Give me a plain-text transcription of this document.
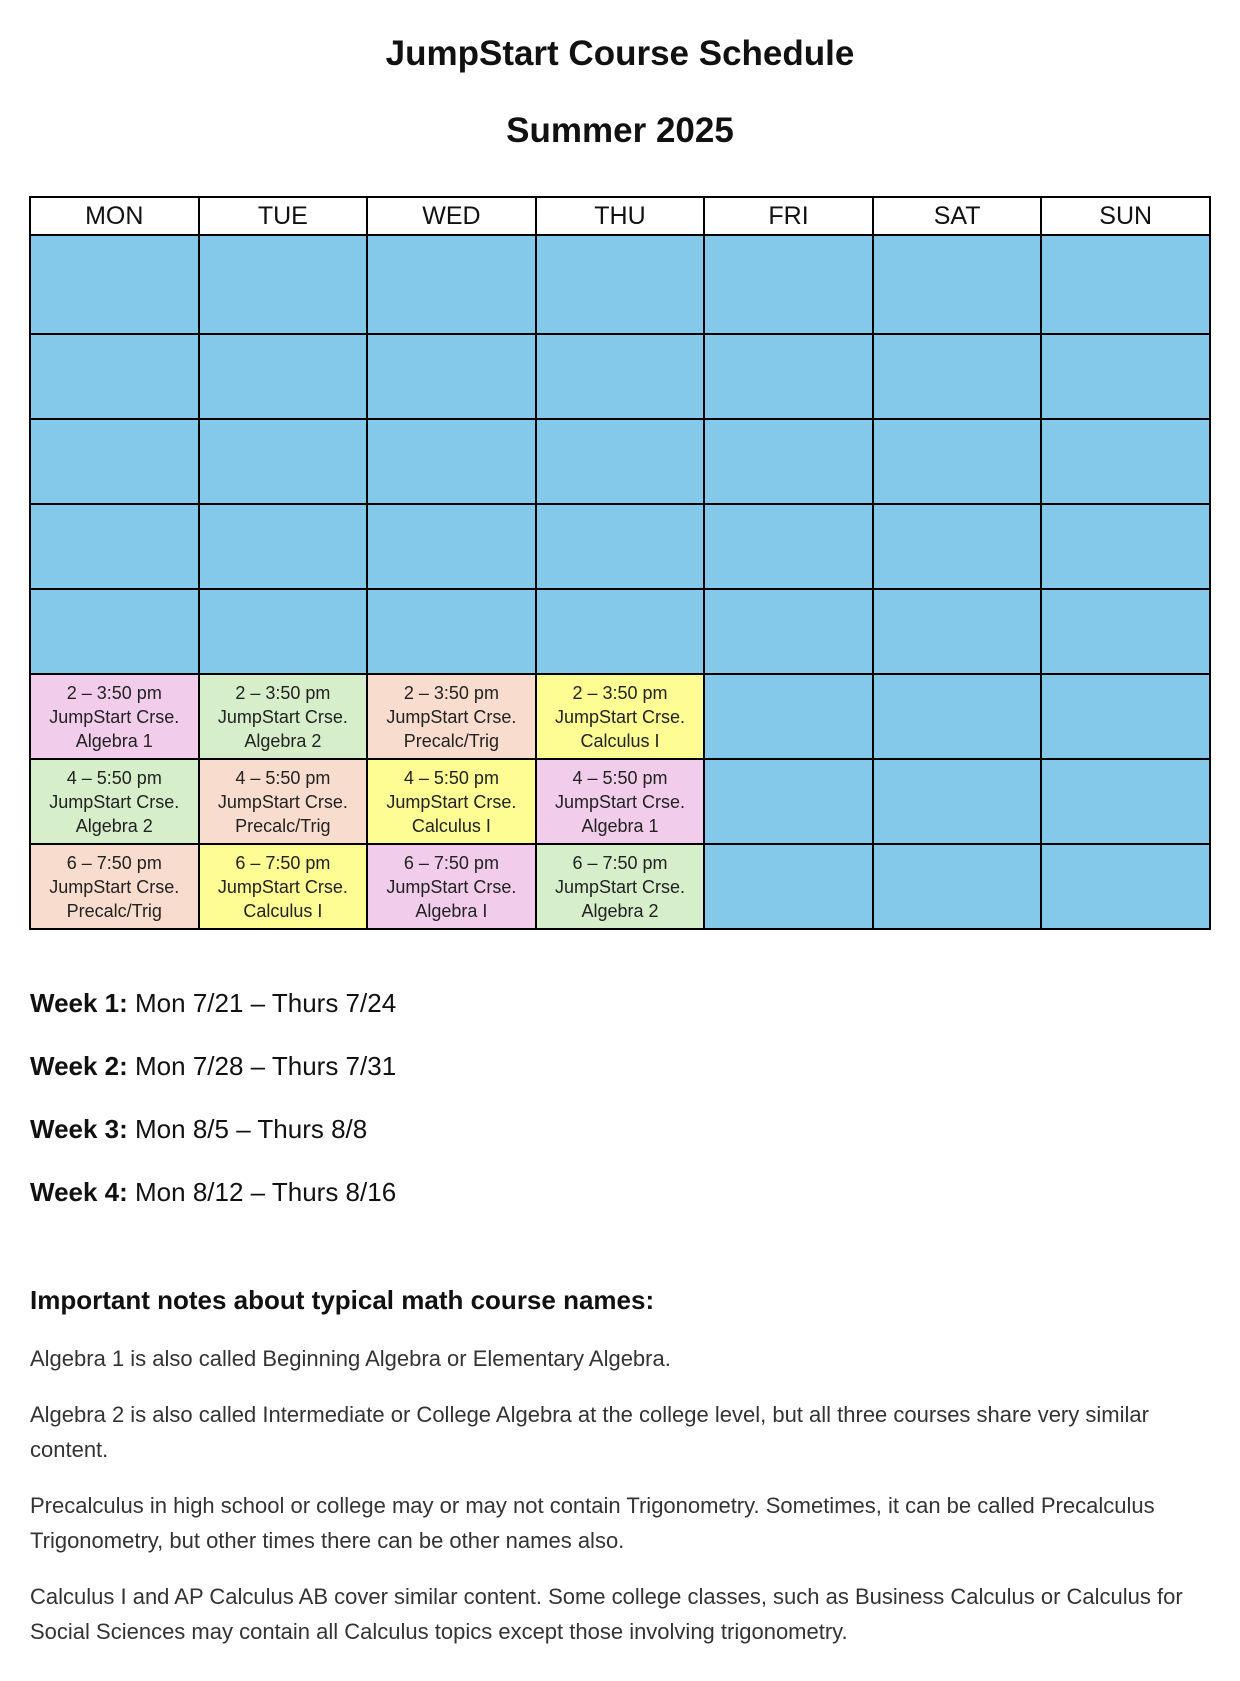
JumpStart Course Schedule
Summer 2025
MON	TUE	WED	THU	FRI	SAT	SUN

2 – 3:50 pm
JumpStart Crse.
Algebra 1	2 – 3:50 pm
JumpStart Crse.
Algebra 2	2 – 3:50 pm
JumpStart Crse.
Precalc/Trig	2 – 3:50 pm
JumpStart Crse.
Calculus I			

4 – 5:50 pm
JumpStart Crse.
Algebra 2	4 – 5:50 pm
JumpStart Crse.
Precalc/Trig	4 – 5:50 pm
JumpStart Crse.
Calculus I	4 – 5:50 pm
JumpStart Crse.
Algebra 1			

6 – 7:50 pm
JumpStart Crse.
Precalc/Trig	6 – 7:50 pm
JumpStart Crse.
Calculus I	6 – 7:50 pm
JumpStart Crse.
Algebra I	6 – 7:50 pm
JumpStart Crse.
Algebra 2			

Week 1: Mon 7/21 – Thurs 7/24
Week 2: Mon 7/28 – Thurs 7/31
Week 3: Mon 8/5 – Thurs 8/8
Week 4: Mon 8/12 – Thurs 8/16
Important notes about typical math course names:

Algebra 1 is also called Beginning Algebra or Elementary Algebra.

Algebra 2 is also called Intermediate or College Algebra at the college level, but all three courses share very similar content.

Precalculus in high school or college may or may not contain Trigonometry. Sometimes, it can be called Precalculus Trigonometry, but other times there can be other names also.

Calculus I and AP Calculus AB cover similar content. Some college classes, such as Business Calculus or Calculus for Social Sciences may contain all Calculus topics except those involving trigonometry.
